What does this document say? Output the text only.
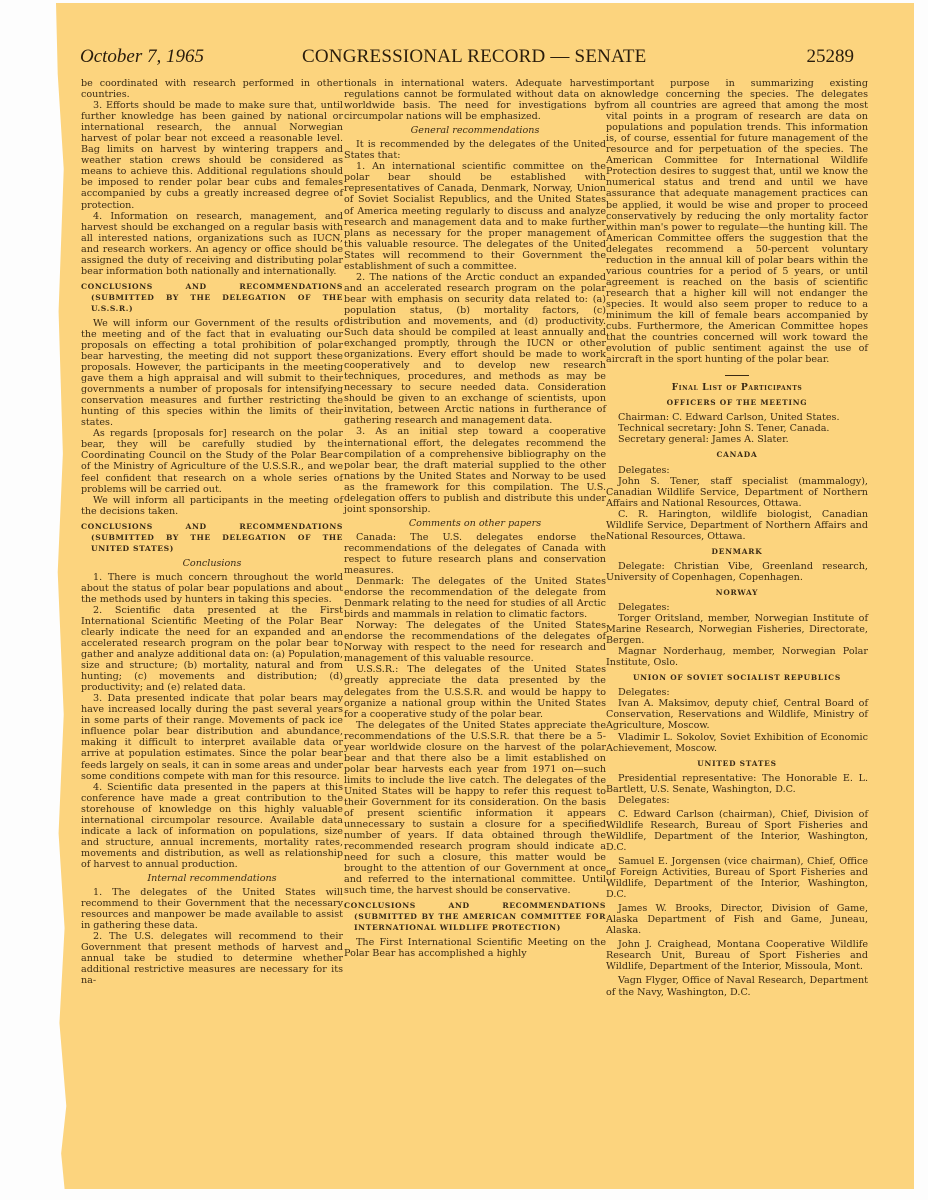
October 7, 1965	CONGRESSIONAL RECORD — SENATE	25289

be coordinated with research performed in other countries.

3. Efforts should be made to make sure that, until further knowledge has been gained by national or international research, the annual Norwegian harvest of polar bear not exceed a reasonable level. Bag limits on harvest by wintering trappers and weather station crews should be considered as means to achieve this. Additional regulations should be imposed to render polar bear cubs and females accompanied by cubs a greatly increased degree of protection.

4. Information on research, management, and harvest should be exchanged on a regular basis with all interested nations, organizations such as IUCN, and research workers. An agency or office should be assigned the duty of receiving and distributing polar bear information both nationally and internationally.

CONCLUSIONS AND RECOMMENDATIONS (SUBMITTED BY THE DELEGATION OF THE U.S.S.R.)

We will inform our Government of the results of the meeting and of the fact that in evaluating our proposals on effecting a total prohibition of polar bear harvesting, the meeting did not support these proposals. However, the participants in the meeting gave them a high appraisal and will submit to their governments a number of proposals for intensifying conservation measures and further restricting the hunting of this species within the limits of their states.

As regards [proposals for] research on the polar bear, they will be carefully studied by the Coordinating Council on the Study of the Polar Bear of the Ministry of Agriculture of the U.S.S.R., and we feel confident that research on a whole series of problems will be carried out.

We will inform all participants in the meeting of the decisions taken.

CONCLUSIONS AND RECOMMENDATIONS (SUBMITTED BY THE DELEGATION OF THE UNITED STATES)

Conclusions

1. There is much concern throughout the world about the status of polar bear populations and about the methods used by hunters in taking this species.

2. Scientific data presented at the First International Scientific Meeting of the Polar Bear clearly indicate the need for an expanded and an accelerated research program on the polar bear to gather and analyze additional data on: (a) Population, size and structure; (b) mortality, natural and from hunting; (c) movements and distribution; (d) productivity; and (e) related data.

3. Data presented indicate that polar bears may have increased locally during the past several years in some parts of their range. Movements of pack ice influence polar bear distribution and abundance, making it difficult to interpret available data or arrive at population estimates. Since the polar bear feeds largely on seals, it can in some areas and under some conditions compete with man for this resource.

4. Scientific data presented in the papers at this conference have made a great contribution to the storehouse of knowledge on this highly valuable international circumpolar resource. Available data indicate a lack of information on populations, size and structure, annual increments, mortality rates, movements and distribution, as well as relationship of harvest to annual production.

Internal recommendations

1. The delegates of the United States will recommend to their Government that the necessary resources and manpower be made available to assist in gathering these data.

2. The U.S. delegates will recommend to their Government that present methods of harvest and annual take be studied to determine whether additional restrictive measures are necessary for its na-

tionals in international waters. Adequate harvest regulations cannot be formulated without data on a worldwide basis. The need for investigations by circumpolar nations will be emphasized.

General recommendations

It is recommended by the delegates of the United States that:

1. An international scientific committee on the polar bear should be established with representatives of Canada, Denmark, Norway, Union of Soviet Socialist Republics, and the United States of America meeting regularly to discuss and analyze research and management data and to make further plans as necessary for the proper management of this valuable resource. The delegates of the United States will recommend to their Government the establishment of such a committee.

2. The nations of the Arctic conduct an expanded and an accelerated research program on the polar bear with emphasis on security data related to: (a) population status, (b) mortality factors, (c) distribution and movements, and (d) productivity. Such data should be compiled at least annually and exchanged promptly, through the IUCN or other organizations. Every effort should be made to work cooperatively and to develop new research techniques, procedures, and methods as may be necessary to secure needed data. Consideration should be given to an exchange of scientists, upon invitation, between Arctic nations in furtherance of gathering research and management data.

3. As an initial step toward a cooperative international effort, the delegates recommend the compilation of a comprehensive bibliography on the polar bear, the draft material supplied to the other nations by the United States and Norway to be used as the framework for this compilation. The U.S. delegation offers to publish and distribute this under joint sponsorship.

Comments on other papers

Canada: The U.S. delegates endorse the recommendations of the delegates of Canada with respect to future research plans and conservation measures.

Denmark: The delegates of the United States endorse the recommendation of the delegate from Denmark relating to the need for studies of all Arctic birds and mammals in relation to climatic factors.

Norway: The delegates of the United States endorse the recommendations of the delegates of Norway with respect to the need for research and management of this valuable resource.

U.S.S.R.: The delegates of the United States greatly appreciate the data presented by the delegates from the U.S.S.R. and would be happy to organize a national group within the United States for a cooperative study of the polar bear.

The delegates of the United States appreciate the recommendations of the U.S.S.R. that there be a 5-year worldwide closure on the harvest of the polar bear and that there also be a limit established on polar bear harvests each year from 1971 on—such limits to include the live catch. The delegates of the United States will be happy to refer this request to their Government for its consideration. On the basis of present scientific information it appears unnecessary to sustain a closure for a specified number of years. If data obtained through the recommended research program should indicate a need for such a closure, this matter would be brought to the attention of our Government at once and referred to the international committee. Until such time, the harvest should be conservative.

CONCLUSIONS AND RECOMMENDATIONS (SUBMITTED BY THE AMERICAN COMMITTEE FOR INTERNATIONAL WILDLIFE PROTECTION)

The First International Scientific Meeting on the Polar Bear has accomplished a highly

important purpose in summarizing existing knowledge concerning the species. The delegates from all countries are agreed that among the most vital points in a program of research are data on populations and population trends. This information is, of course, essential for future management of the resource and for perpetuation of the species. The American Committee for International Wildlife Protection desires to suggest that, until we know the numerical status and trend and until we have assurance that adequate management practices can be applied, it would be wise and proper to proceed conservatively by reducing the only mortality factor within man's power to regulate—the hunting kill. The American Committee offers the suggestion that the delegates recommend a 50-percent voluntary reduction in the annual kill of polar bears within the various countries for a period of 5 years, or until agreement is reached on the basis of scientific research that a higher kill will not endanger the species. It would also seem proper to reduce to a minimum the kill of female bears accompanied by cubs. Furthermore, the American Committee hopes that the countries concerned will work toward the evolution of public sentiment against the use of aircraft in the sport hunting of the polar bear.

Final List of Participants

OFFICERS OF THE MEETING

Chairman: C. Edward Carlson, United States.

Technical secretary: John S. Tener, Canada.

Secretary general: James A. Slater.

CANADA

Delegates:

John S. Tener, staff specialist (mammalogy), Canadian Wildlife Service, Department of Northern Affairs and National Resources, Ottawa.

C. R. Harington, wildlife biologist, Canadian Wildlife Service, Department of Northern Affairs and National Resources, Ottawa.

DENMARK

Delegate: Christian Vibe, Greenland research, University of Copenhagen, Copenhagen.

NORWAY

Delegates:

Torger Oritsland, member, Norwegian Institute of Marine Research, Norwegian Fisheries, Directorate, Bergen.

Magnar Norderhaug, member, Norwegian Polar Institute, Oslo.

UNION OF SOVIET SOCIALIST REPUBLICS

Delegates:

Ivan A. Maksimov, deputy chief, Central Board of Conservation, Reservations and Wildlife, Ministry of Agriculture, Moscow.

Vladimir L. Sokolov, Soviet Exhibition of Economic Achievement, Moscow.

UNITED STATES

Presidential representative: The Honorable E. L. Bartlett, U.S. Senate, Washington, D.C.

Delegates:

C. Edward Carlson (chairman), Chief, Division of Wildlife Research, Bureau of Sport Fisheries and Wildlife, Department of the Interior, Washington, D.C.

Samuel E. Jorgensen (vice chairman), Chief, Office of Foreign Activities, Bureau of Sport Fisheries and Wildlife, Department of the Interior, Washington, D.C.

James W. Brooks, Director, Division of Game, Alaska Department of Fish and Game, Juneau, Alaska.

John J. Craighead, Montana Cooperative Wildlife Research Unit, Bureau of Sport Fisheries and Wildlife, Department of the Interior, Missoula, Mont.

Vagn Flyger, Office of Naval Research, Department of the Navy, Washington, D.C.
